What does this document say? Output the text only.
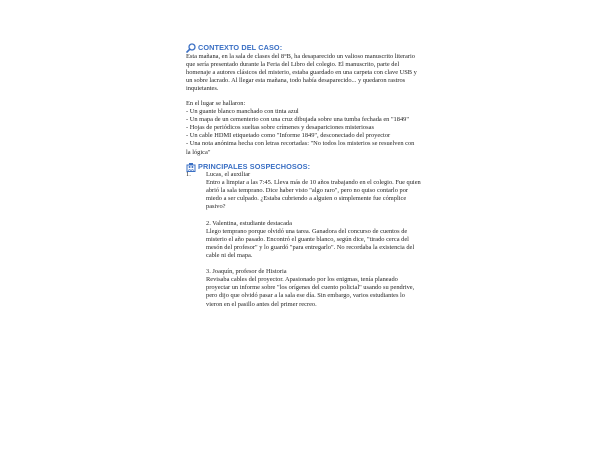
CONTEXTO DEL CASO:
Esta mañana, en la sala de clases del 8°B, ha desaparecido un valioso manuscrito literario
que sería presentado durante la Feria del Libro del colegio. El manuscrito, parte del
homenaje a autores clásicos del misterio, estaba guardado en una carpeta con clave USB y
un sobre lacrado. Al llegar esta mañana, todo había desaparecido... y quedaron rastros
inquietantes.
En el lugar se hallaron:
- Un guante blanco manchado con tinta azul
- Un mapa de un cementerio con una cruz dibujada sobre una tumba fechada en "1849"
- Hojas de periódicos sueltas sobre crímenes y desapariciones misteriosas
- Un cable HDMI etiquetado como "Informe 1849", desconectado del proyector
- Una nota anónima hecha con letras recortadas: "No todos los misterios se resuelven con
la lógica"
PRINCIPALES SOSPECHOSOS:
1.	Lucas, el auxiliar
Entro a limpiar a las 7:45. Lleva más de 10 años trabajando en el colegio. Fue quien
abrió la sala temprano. Dice haber visto "algo raro", pero no quiso contarlo por
miedo a ser culpado. ¿Estaba cubriendo a alguien o simplemente fue cómplice
pasivo?
2. Valentina, estudiante destacada
Llego temprano porque olvidó una tarea. Ganadora del concurso de cuentos de
misterio el año pasado. Encontró el guante blanco, según dice, "tirado cerca del
mesón del profesor" y lo guardó "para entregarlo". No recordaba la existencia del
cable ni del mapa.
3. Joaquín, profesor de Historia
Revisaba cables del proyector. Apasionado por los enigmas, tenía planeado
proyectar un informe sobre "los orígenes del cuento policial" usando su pendrive,
pero dijo que olvidó pasar a la sala ese día. Sin embargo, varios estudiantes lo
vieron en el pasillo antes del primer recreo.
